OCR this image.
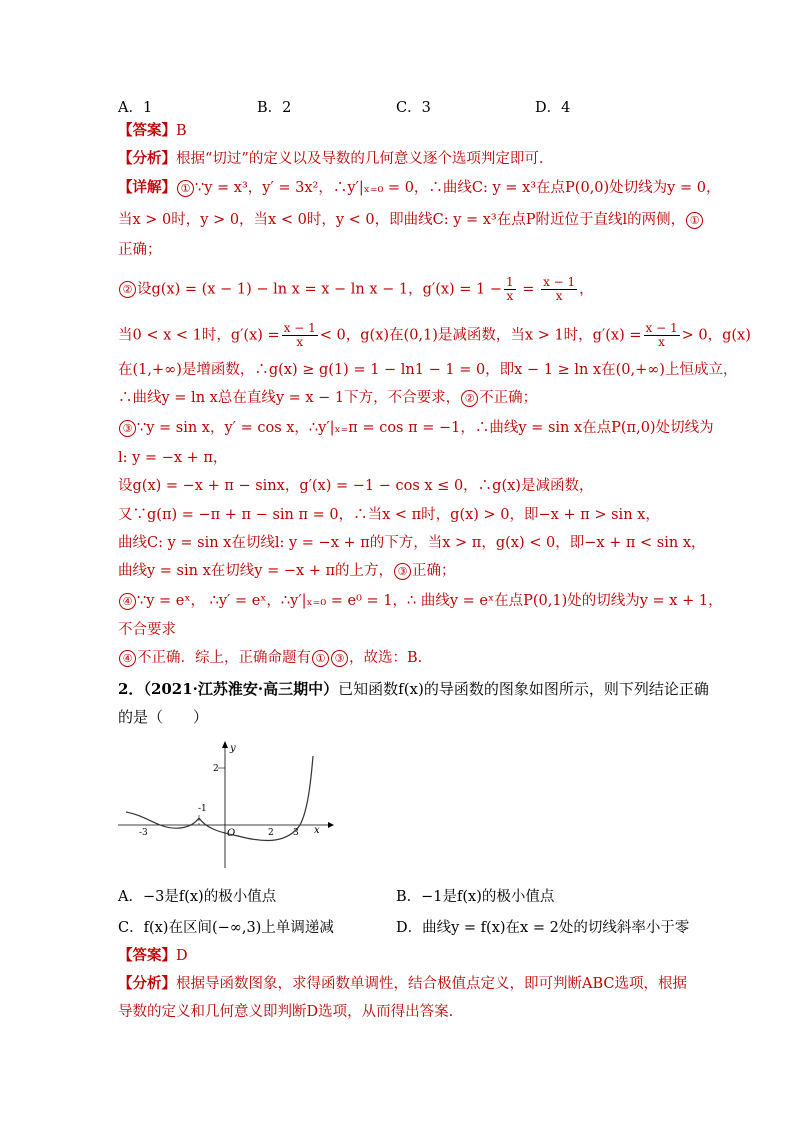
A．1	B．2	C．3	D．4
【答案】B
【分析】根据“切过”的定义以及导数的几何意义逐个选项判定即可.
【详解】 ① ∵y = x³，y′ = 3x²，∴y′|ₓ₌₀ = 0，∴曲线C: y = x³在点P(0,0)处切线为y = 0，
当x > 0时，y > 0，当x < 0时，y < 0，即曲线C: y = x³在点P附近位于直线l的两侧， ①
正确；
② 设g(x) = (x − 1) − ln x = x − ln x − 1，$g'(x) = 1 - \frac{1}{x} = \frac{x - 1}{x}$ ，
当0 < x < 1时，$g'(x) = \frac{x - 1}{x} < 0$，g(x)在(0,1)是减函数，当x > 1时，$g'(x) = \frac{x - 1}{x} > 0$，g(x)
在(1,+∞)是增函数，∴g(x) ≥ g(1) = 1 − ln1 − 1 = 0，即x − 1 ≥ ln x在(0,+∞)上恒成立，
∴曲线y = ln x总在直线y = x − 1下方，不合要求， ② 不正确；
③ ∵y = sin x，y′ = cos x，∴y′|ₓ₌π = cos π = −1，∴曲线y = sin x在点P(π,0)处切线为
l: y = −x + π，
设g(x) = −x + π − sinx，g′(x) = −1 − cos x ≤ 0，∴g(x)是减函数，
又∵g(π) = −π + π − sin π = 0，∴当x < π时，g(x) > 0，即−x + π > sin x，
曲线C: y = sin x在切线l: y = −x + π的下方，当x > π，g(x) < 0，即−x + π < sin x，
曲线y = sin x在切线y = −x + π的上方， ③ 正确；
④ ∵y = eˣ， ∴y′ = eˣ，∴y′|ₓ₌₀ = e⁰ = 1，∴ 曲线y = eˣ在点P(0,1)处的切线为y = x + 1，
不合要求
④ 不正确．综上，正确命题有 ① ③ ，故选：B.
2．（2021·江苏淮安·高三期中）已知函数f(x)的导函数的图象如图所示，则下列结论正确
的是（　　）
y
x
O
-3
-1
2 3
2
A．−3是f(x)的极小值点	B．−1是f(x)的极小值点
C．f(x)在区间(−∞,3)上单调递减	D．曲线y = f(x)在x = 2处的切线斜率小于零
【答案】D
【分析】根据导函数图象，求得函数单调性，结合极值点定义，即可判断ABC选项，根据
导数的定义和几何意义即判断D选项，从而得出答案.
